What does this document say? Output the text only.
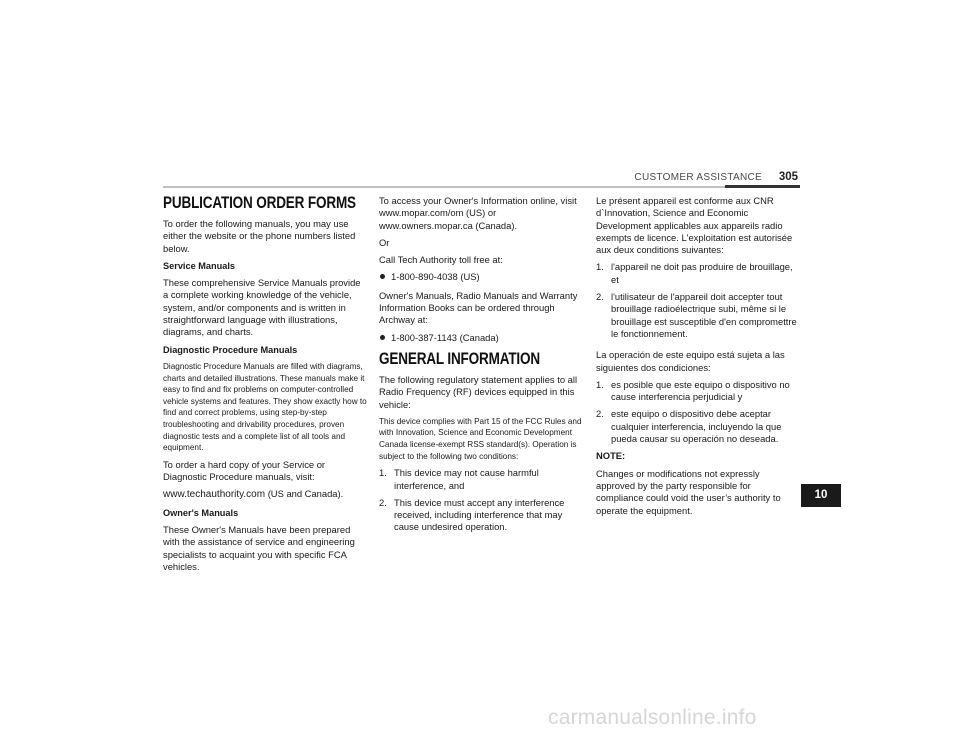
CUSTOMER ASSISTANCE 305
PUBLICATION ORDER FORMS

To order the following manuals, you may use either the website or the phone numbers listed below.

Service Manuals

These comprehensive Service Manuals provide a complete working knowledge of the vehicle, system, and/or components and is written in straightforward language with illustrations, diagrams, and charts.

Diagnostic Procedure Manuals

Diagnostic Procedure Manuals are filled with diagrams, charts and detailed illustrations. These manuals make it easy to find and fix problems on computer-controlled vehicle systems and features. They show exactly how to find and correct problems, using step-by-step troubleshooting and drivability procedures, proven diagnostic tests and a complete list of all tools and equipment.

To order a hard copy of your Service or Diagnostic Procedure manuals, visit:

www.techauthority.com (US and Canada).

Owner's Manuals

These Owner's Manuals have been prepared with the assistance of service and engineering specialists to acquaint you with specific FCA vehicles.

To access your Owner's Information online, visit www.mopar.com/om (US) or www.owners.mopar.ca (Canada).

Or

Call Tech Authority toll free at:

1-800-890-4038 (US)

Owner's Manuals, Radio Manuals and Warranty Information Books can be ordered through Archway at:

1-800-387-1143 (Canada)
GENERAL INFORMATION

The following regulatory statement applies to all Radio Frequency (RF) devices equipped in this vehicle:

This device complies with Part 15 of the FCC Rules and with Innovation, Science and Economic Development Canada license-exempt RSS standard(s). Operation is subject to the following two conditions:

1. This device may not cause harmful interference, and
2. This device must accept any interference received, including interference that may cause undesired operation.

Le présent appareil est conforme aux CNR d`Innovation, Science and Economic Development applicables aux appareils radio exempts de licence. L'exploitation est autorisée aux deux conditions suivantes:

1. l'appareil ne doit pas produire de brouillage, et
2. l'utilisateur de l'appareil doit accepter tout brouillage radioélectrique subi, même si le brouillage est susceptible d'en compromettre le fonctionnement.

La operación de este equipo está sujeta a las siguientes dos condiciones:

1. es posible que este equipo o dispositivo no cause interferencia perjudicial y
2. este equipo o dispositivo debe aceptar cualquier interferencia, incluyendo la que pueda causar su operación no deseada.

NOTE:

Changes or modifications not expressly approved by the party responsible for compliance could void the user’s authority to operate the equipment.

10
carmanualsonline.info
